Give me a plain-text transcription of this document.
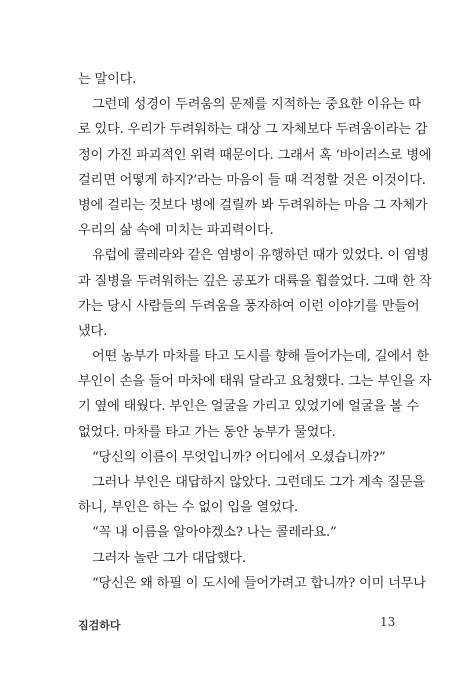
는 말이다.
그런데 성경이 두려움의 문제를 지적하는 중요한 이유는 따
로 있다. 우리가 두려워하는 대상 그 자체보다 두려움이라는 감
정이 가진 파괴적인 위력 때문이다. 그래서 혹 ‘바이러스로 병에
걸리면 어떻게 하지?’라는 마음이 들 때 걱정할 것은 이것이다.
병에 걸리는 것보다 병에 걸릴까 봐 두려워하는 마음 그 자체가
우리의 삶 속에 미치는 파괴력이다.
유럽에 콜레라와 같은 염병이 유행하던 때가 있었다. 이 염병
과 질병을 두려워하는 깊은 공포가 대륙을 휩쓸었다. 그때 한 작
가는 당시 사람들의 두려움을 풍자하여 이런 이야기를 만들어
냈다.
어떤 농부가 마차를 타고 도시를 향해 들어가는데, 길에서 한
부인이 손을 들어 마차에 태워 달라고 요청했다. 그는 부인을 자
기 옆에 태웠다. 부인은 얼굴을 가리고 있었기에 얼굴을 볼 수
없었다. 마차를 타고 가는 동안 농부가 물었다.
“당신의 이름이 무엇입니까? 어디에서 오셨습니까?”
그러나 부인은 대답하지 않았다. 그런데도 그가 계속 질문을
하니, 부인은 하는 수 없이 입을 열었다.
“꼭 내 이름을 알아야겠소? 나는 콜레라요.”
그러자 놀란 그가 대답했다.
“당신은 왜 하필 이 도시에 들어가려고 합니까? 이미 너무나
짐검하다	13
